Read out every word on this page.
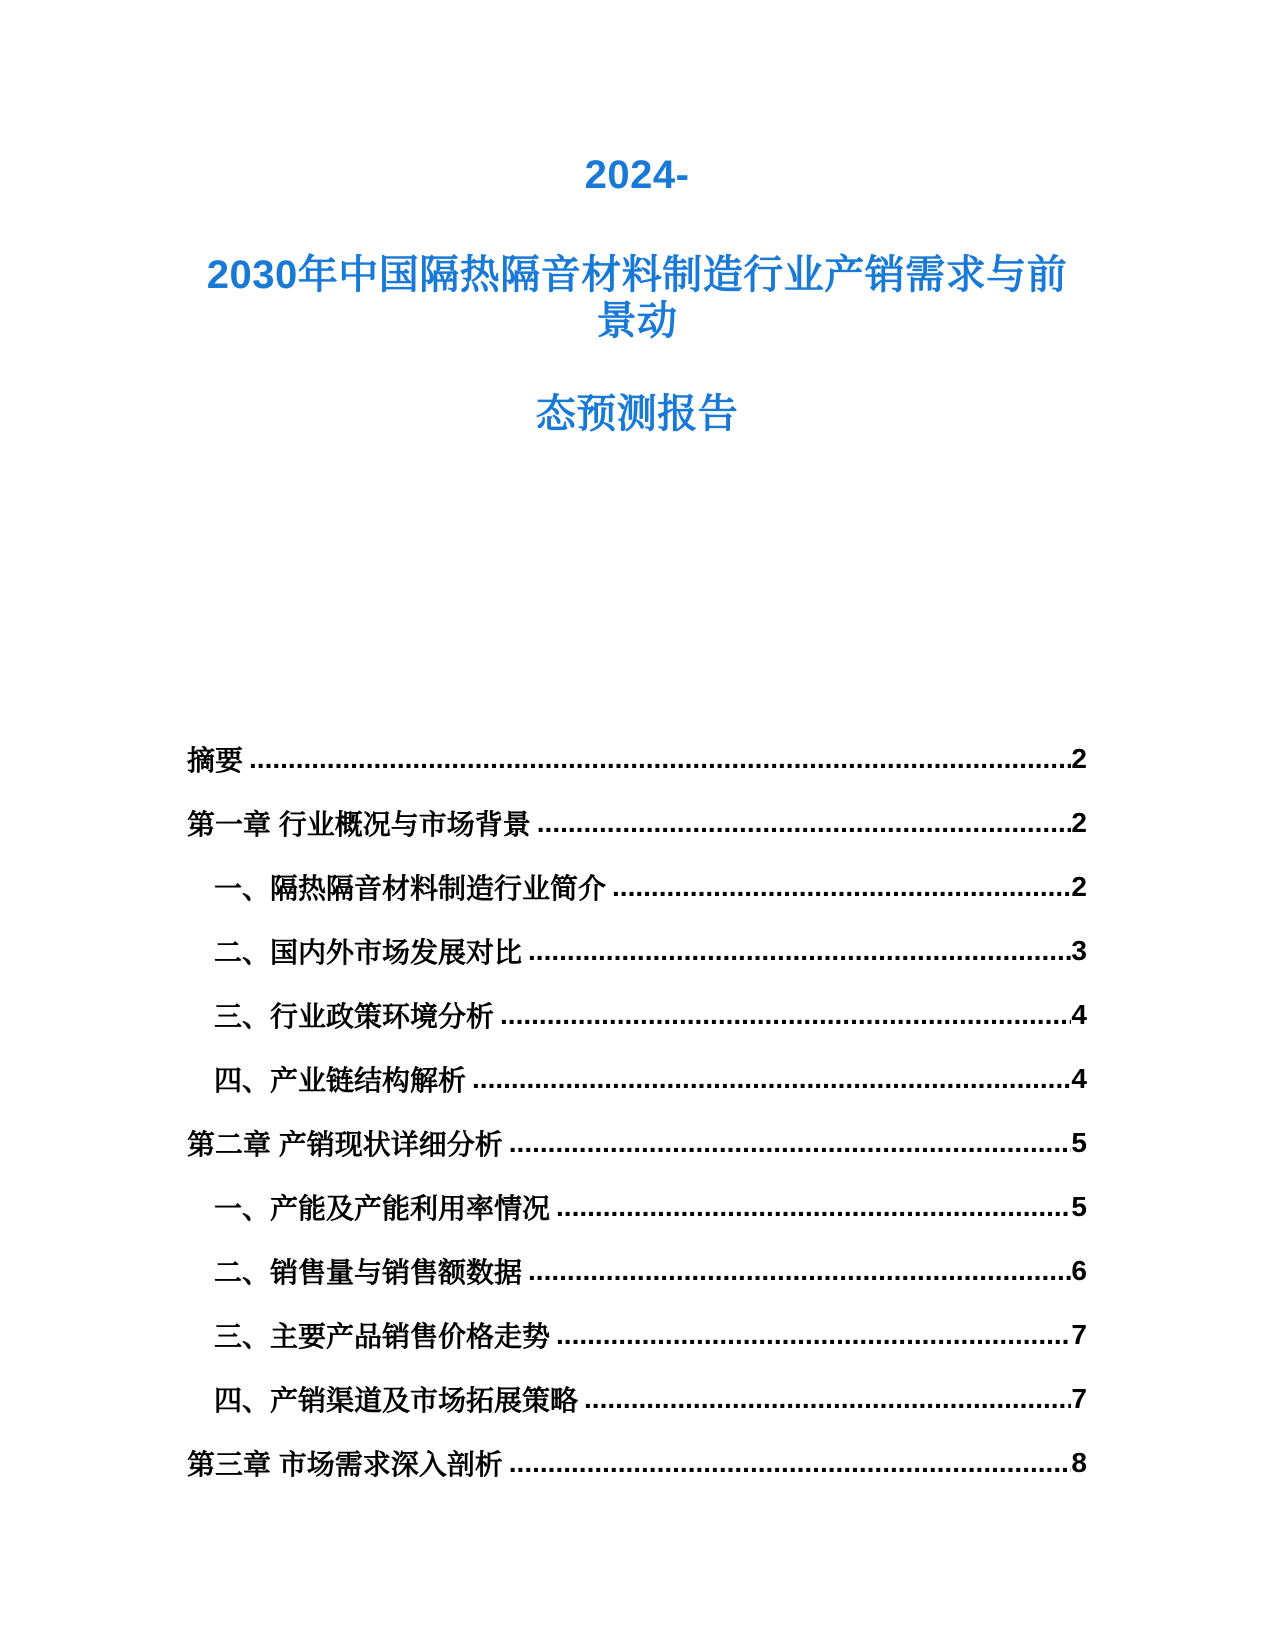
2024-
2030年中国隔热隔音材料制造行业产销需求与前景动
态预测报告
摘要 .....	2
第一章 行业概况与市场背景 .....	2
一、隔热隔音材料制造行业简介 .....	2
二、国内外市场发展对比 .....	3
三、行业政策环境分析 .....	4
四、产业链结构解析 .....	4
第二章 产销现状详细分析 .....	5
一、产能及产能利用率情况 .....	5
二、销售量与销售额数据 .....	6
三、主要产品销售价格走势 .....	7
四、产销渠道及市场拓展策略 .....	7
第三章 市场需求深入剖析 .....	8
